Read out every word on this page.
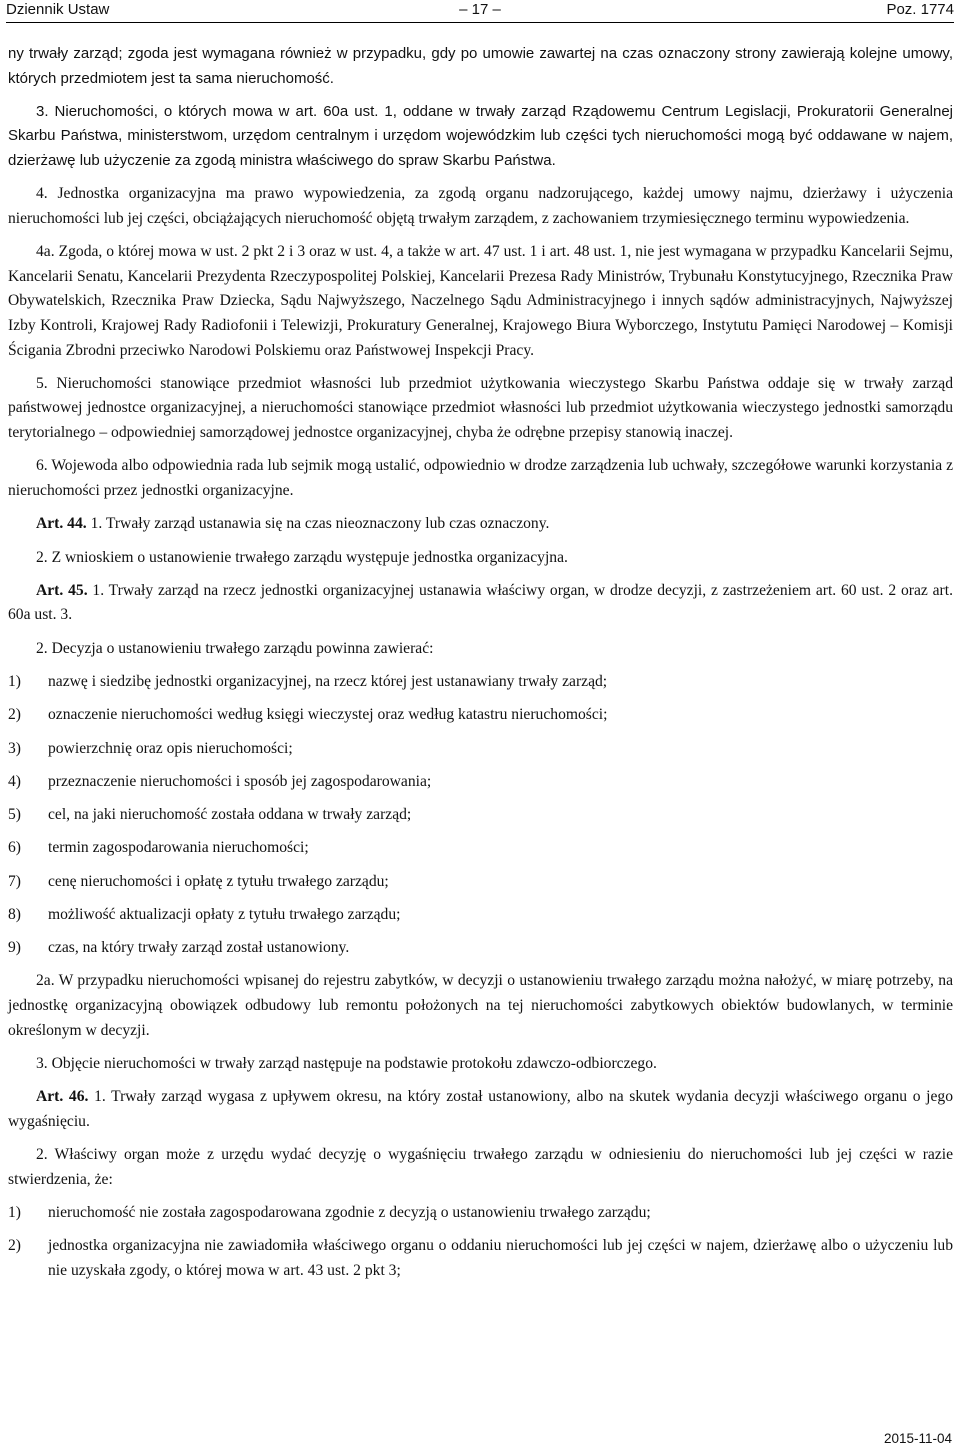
Dziennik Ustaw	– 17 –	Poz. 1774

ny trwały zarząd; zgoda jest wymagana również w przypadku, gdy po umowie zawartej na czas oznaczony strony zawierają kolejne umowy, których przedmiotem jest ta sama nieruchomość.

3. Nieruchomości, o których mowa w art. 60a ust. 1, oddane w trwały zarząd Rządowemu Centrum Legislacji, Prokuratorii Generalnej Skarbu Państwa, ministerstwom, urzędom centralnym i urzędom wojewódzkim lub części tych nieruchomości mogą być oddawane w najem, dzierżawę lub użyczenie za zgodą ministra właściwego do spraw Skarbu Państwa.

4. Jednostka organizacyjna ma prawo wypowiedzenia, za zgodą organu nadzorującego, każdej umowy najmu, dzierżawy i użyczenia nieruchomości lub jej części, obciążających nieruchomość objętą trwałym zarządem, z zachowaniem trzymiesięcznego terminu wypowiedzenia.

4a. Zgoda, o której mowa w ust. 2 pkt 2 i 3 oraz w ust. 4, a także w art. 47 ust. 1 i art. 48 ust. 1, nie jest wymagana w przypadku Kancelarii Sejmu, Kancelarii Senatu, Kancelarii Prezydenta Rzeczypospolitej Polskiej, Kancelarii Prezesa Rady Ministrów, Trybunału Konstytucyjnego, Rzecznika Praw Obywatelskich, Rzecznika Praw Dziecka, Sądu Najwyższego, Naczelnego Sądu Administracyjnego i innych sądów administracyjnych, Najwyższej Izby Kontroli, Krajowej Rady Radiofonii i Telewizji, Prokuratury Generalnej, Krajowego Biura Wyborczego, Instytutu Pamięci Narodowej – Komisji Ścigania Zbrodni przeciwko Narodowi Polskiemu oraz Państwowej Inspekcji Pracy.

5. Nieruchomości stanowiące przedmiot własności lub przedmiot użytkowania wieczystego Skarbu Państwa oddaje się w trwały zarząd państwowej jednostce organizacyjnej, a nieruchomości stanowiące przedmiot własności lub przedmiot użytkowania wieczystego jednostki samorządu terytorialnego – odpowiedniej samorządowej jednostce organizacyjnej, chyba że odrębne przepisy stanowią inaczej.

6. Wojewoda albo odpowiednia rada lub sejmik mogą ustalić, odpowiednio w drodze zarządzenia lub uchwały, szczegółowe warunki korzystania z nieruchomości przez jednostki organizacyjne.

Art. 44. 1. Trwały zarząd ustanawia się na czas nieoznaczony lub czas oznaczony.

2. Z wnioskiem o ustanowienie trwałego zarządu występuje jednostka organizacyjna.

Art. 45. 1. Trwały zarząd na rzecz jednostki organizacyjnej ustanawia właściwy organ, w drodze decyzji, z zastrzeżeniem art. 60 ust. 2 oraz art. 60a ust. 3.

2. Decyzja o ustanowieniu trwałego zarządu powinna zawierać:

1) nazwę i siedzibę jednostki organizacyjnej, na rzecz której jest ustanawiany trwały zarząd;
2) oznaczenie nieruchomości według księgi wieczystej oraz według katastru nieruchomości;
3) powierzchnię oraz opis nieruchomości;
4) przeznaczenie nieruchomości i sposób jej zagospodarowania;
5) cel, na jaki nieruchomość została oddana w trwały zarząd;
6) termin zagospodarowania nieruchomości;
7) cenę nieruchomości i opłatę z tytułu trwałego zarządu;
8) możliwość aktualizacji opłaty z tytułu trwałego zarządu;
9) czas, na który trwały zarząd został ustanowiony.

2a. W przypadku nieruchomości wpisanej do rejestru zabytków, w decyzji o ustanowieniu trwałego zarządu można nałożyć, w miarę potrzeby, na jednostkę organizacyjną obowiązek odbudowy lub remontu położonych na tej nieruchomości zabytkowych obiektów budowlanych, w terminie określonym w decyzji.

3. Objęcie nieruchomości w trwały zarząd następuje na podstawie protokołu zdawczo-odbiorczego.

Art. 46. 1. Trwały zarząd wygasa z upływem okresu, na który został ustanowiony, albo na skutek wydania decyzji właściwego organu o jego wygaśnięciu.

2. Właściwy organ może z urzędu wydać decyzję o wygaśnięciu trwałego zarządu w odniesieniu do nieruchomości lub jej części w razie stwierdzenia, że:

1) nieruchomość nie została zagospodarowana zgodnie z decyzją o ustanowieniu trwałego zarządu;
2) jednostka organizacyjna nie zawiadomiła właściwego organu o oddaniu nieruchomości lub jej części w najem, dzierżawę albo o użyczeniu lub nie uzyskała zgody, o której mowa w art. 43 ust. 2 pkt 3;
2015-11-04
